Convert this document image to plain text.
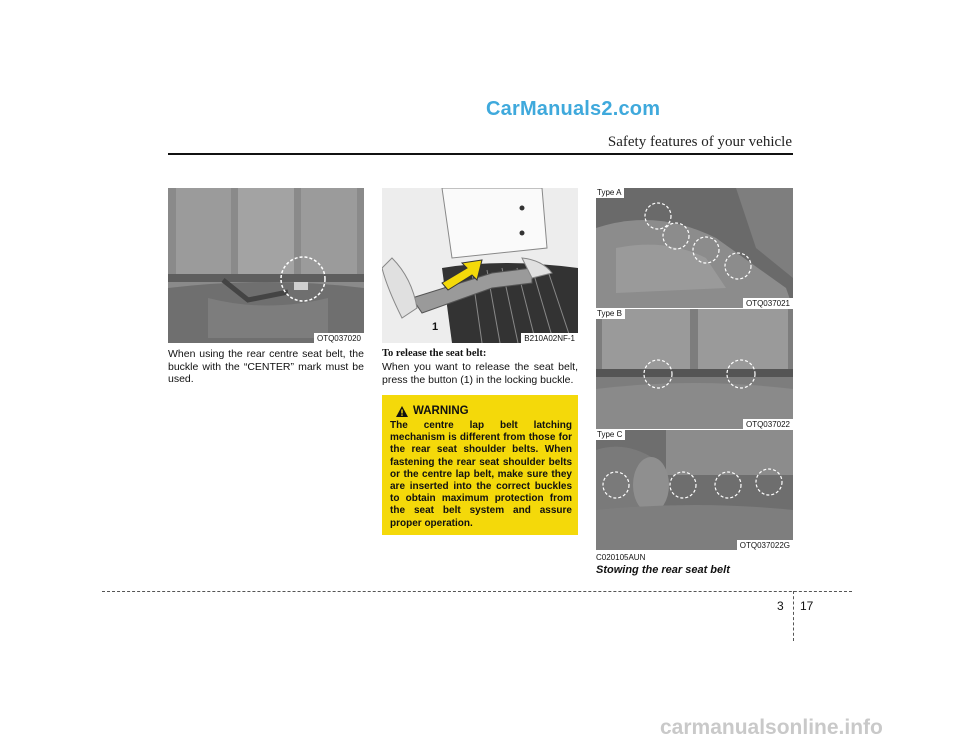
CarManuals2.com
Safety features of your vehicle
OTQ037020
When using the rear centre seat belt, the buckle with the “CENTER” mark must be used.
1
B210A02NF-1
To release the seat belt:
When you want to release the seat belt, press the button (1) in the locking buckle.
WARNING
The centre lap belt latching mechanism is different from those for the rear seat shoulder belts. When fastening the rear seat shoulder belts or the centre lap belt, make sure they are inserted into the correct buckles to obtain maximum protection from the seat belt system and assure proper operation.
Type A
OTQ037021
Type B
OTQ037022
Type C
OTQ037022G
C020105AUN
Stowing the rear seat belt
3 17
carmanualsonline.info
